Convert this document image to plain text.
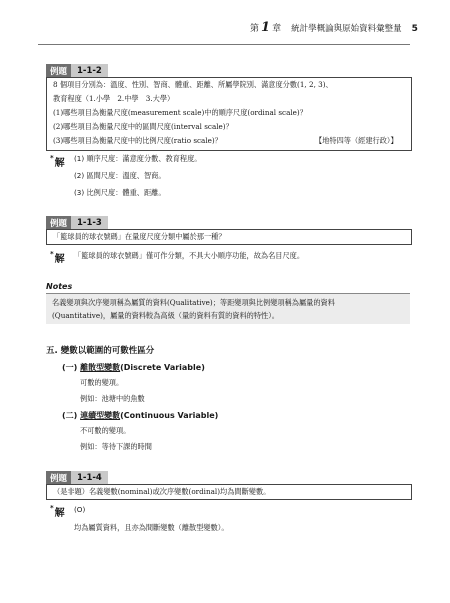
第 1 章 統計學概論與原始資料彙整量 5
例題	1-1-2
8 個項目分別為：溫度、性別、智商、體重、距離、所屬學院別、滿意度分數(1, 2, 3)、
教育程度（1.小學　2.中學　3.大學）
(1)哪些項目為衡量尺度(measurement scale)中的順序尺度(ordinal scale)？
(2)哪些項目為衡量尺度中的區間尺度(interval scale)？
(3)哪些項目為衡量尺度中的比例尺度(ratio scale)？	【地特四等（經建行政）】
*解 (1) 順序尺度：滿意度分數、教育程度。
(2) 區間尺度：溫度、智商。
(3) 比例尺度：體重、距離。
例題	1-1-3
「籃球員的球衣號碼」在量度尺度分類中屬於那一種？
*解 「籃球員的球衣號碼」僅可作分類，不具大小順序功能，故為名目尺度。
Notes
名義變項與次序變項稱為屬質的資料(Qualitative)；等距變項與比例變項稱為屬量的資料
(Quantitative)，屬量的資料較為高級（量的資料有質的資料的特性）。
五. 變數以範圍的可數性區分
(一) 離散型變數(Discrete Variable)
可數的變項。
例如：池塘中的魚數
(二) 連續型變數(Continuous Variable)
不可數的變項。
例如：等待下課的時間
例題	1-1-4
（是非題）名義變數(nominal)或次序變數(ordinal)均為間斷變數。
*解 (O)
均為屬質資料，且亦為間斷變數（離散型變數）。
